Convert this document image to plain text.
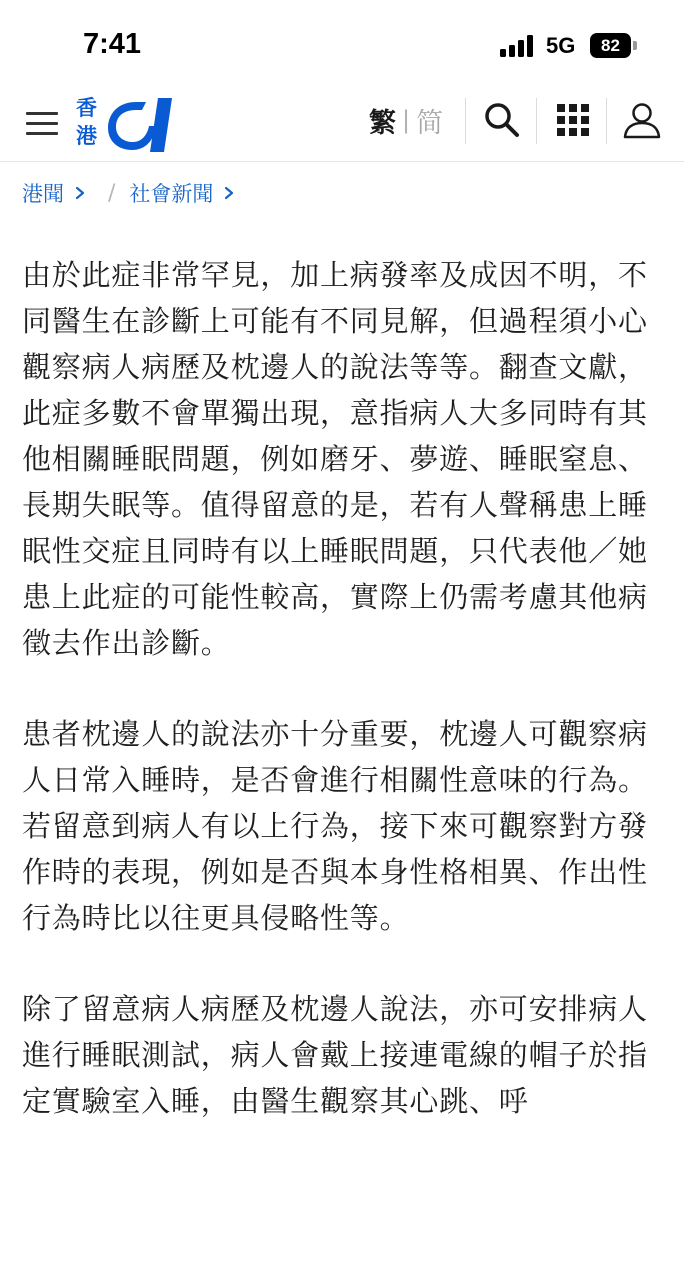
7:41	5G	82
香
港	繁 | 简
港聞 / 社會新聞

由於此症非常罕見，加上病發率及成因不明，不同醫生在診斷上可能有不同見解，但過程須小心觀察病人病歷及枕邊人的說法等等。翻查文獻，此症多數不會單獨出現，意指病人大多同時有其他相關睡眠問題，例如磨牙、夢遊、睡眠窒息、長期失眠等。值得留意的是，若有人聲稱患上睡眠性交症且同時有以上睡眠問題，只代表他／她患上此症的可能性較高，實際上仍需考慮其他病徵去作出診斷。

患者枕邊人的說法亦十分重要，枕邊人可觀察病人日常入睡時，是否會進行相關性意味的行為。若留意到病人有以上行為，接下來可觀察對方發作時的表現，例如是否與本身性格相異、作出性行為時比以往更具侵略性等。

除了留意病人病歷及枕邊人說法，亦可安排病人進行睡眠測試，病人會戴上接連電線的帽子於指定實驗室入睡，由醫生觀察其心跳、呼
